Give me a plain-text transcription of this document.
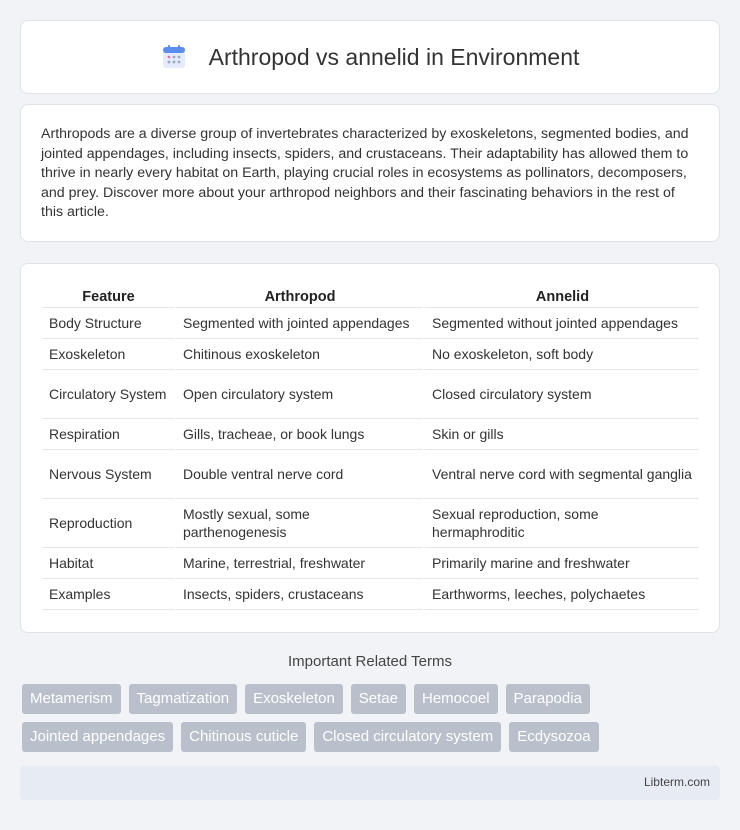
Arthropod vs annelid in Environment

Arthropods are a diverse group of invertebrates characterized by exoskeletons, segmented bodies, and jointed appendages, including insects, spiders, and crustaceans. Their adaptability has allowed them to thrive in nearly every habitat on Earth, playing crucial roles in ecosystems as pollinators, decomposers, and prey. Discover more about your arthropod neighbors and their fascinating behaviors in the rest of this article.

Feature	Arthropod	Annelid
Body Structure	Segmented with jointed appendages	Segmented without jointed appendages
Exoskeleton	Chitinous exoskeleton	No exoskeleton, soft body
Circulatory System	Open circulatory system	Closed circulatory system
Respiration	Gills, tracheae, or book lungs	Skin or gills
Nervous System	Double ventral nerve cord	Ventral nerve cord with segmental ganglia
Reproduction	Mostly sexual, some parthenogenesis	Sexual reproduction, some hermaphroditic
Habitat	Marine, terrestrial, freshwater	Primarily marine and freshwater
Examples	Insects, spiders, crustaceans	Earthworms, leeches, polychaetes
Important Related Terms
Metamerism	Tagmatization	Exoskeleton	Setae	Hemocoel	Parapodia
Jointed appendages	Chitinous cuticle	Closed circulatory system	Ecdysozoa
Libterm.com
